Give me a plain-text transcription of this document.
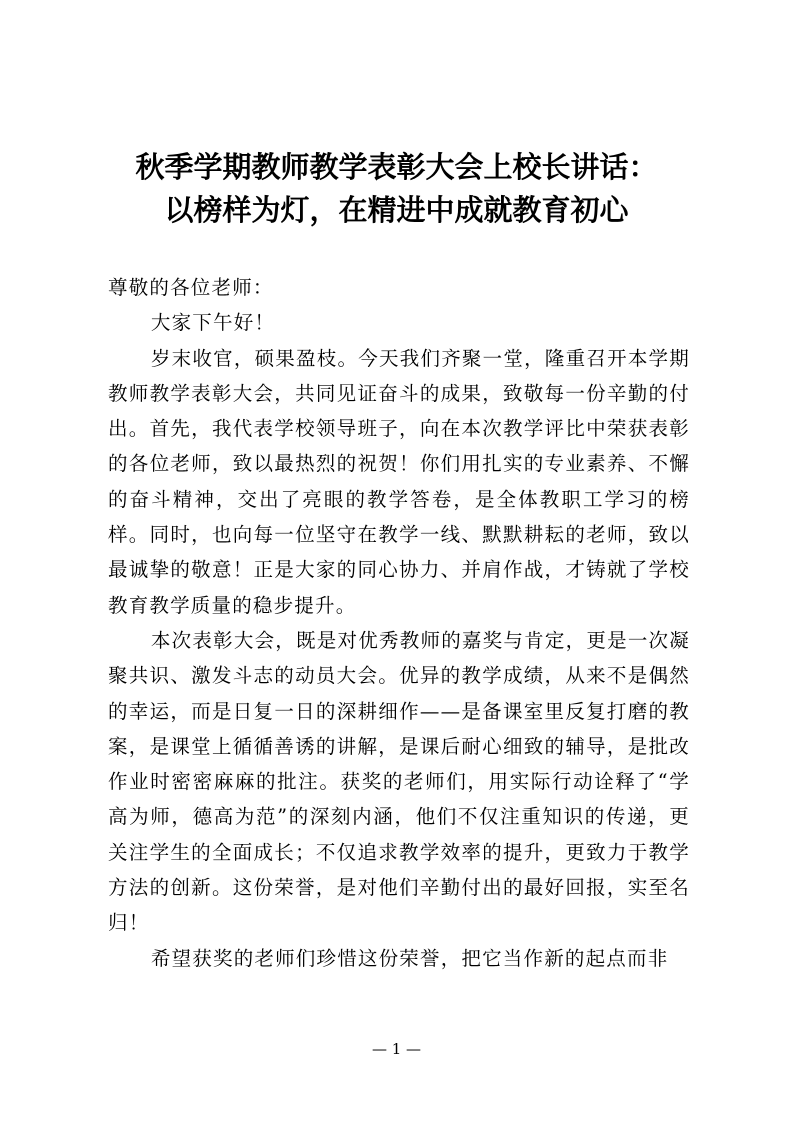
秋季学期教师教学表彰大会上校长讲话：
以榜样为灯，在精进中成就教育初心

尊敬的各位老师：

大家下午好！

岁末收官，硕果盈枝。今天我们齐聚一堂，隆重召开本学期教师教学表彰大会，共同见证奋斗的成果，致敬每一份辛勤的付出。首先，我代表学校领导班子，向在本次教学评比中荣获表彰的各位老师，致以最热烈的祝贺！你们用扎实的专业素养、不懈的奋斗精神，交出了亮眼的教学答卷，是全体教职工学习的榜样。同时，也向每一位坚守在教学一线、默默耕耘的老师，致以最诚挚的敬意！正是大家的同心协力、并肩作战，才铸就了学校教育教学质量的稳步提升。

本次表彰大会，既是对优秀教师的嘉奖与肯定，更是一次凝聚共识、激发斗志的动员大会。优异的教学成绩，从来不是偶然的幸运，而是日复一日的深耕细作——是备课室里反复打磨的教案，是课堂上循循善诱的讲解，是课后耐心细致的辅导，是批改作业时密密麻麻的批注。获奖的老师们，用实际行动诠释了“学高为师，德高为范”的深刻内涵，他们不仅注重知识的传递，更关注学生的全面成长；不仅追求教学效率的提升，更致力于教学方法的创新。这份荣誉，是对他们辛勤付出的最好回报，实至名归！

希望获奖的老师们珍惜这份荣誉，把它当作新的起点而非

— 1 —
